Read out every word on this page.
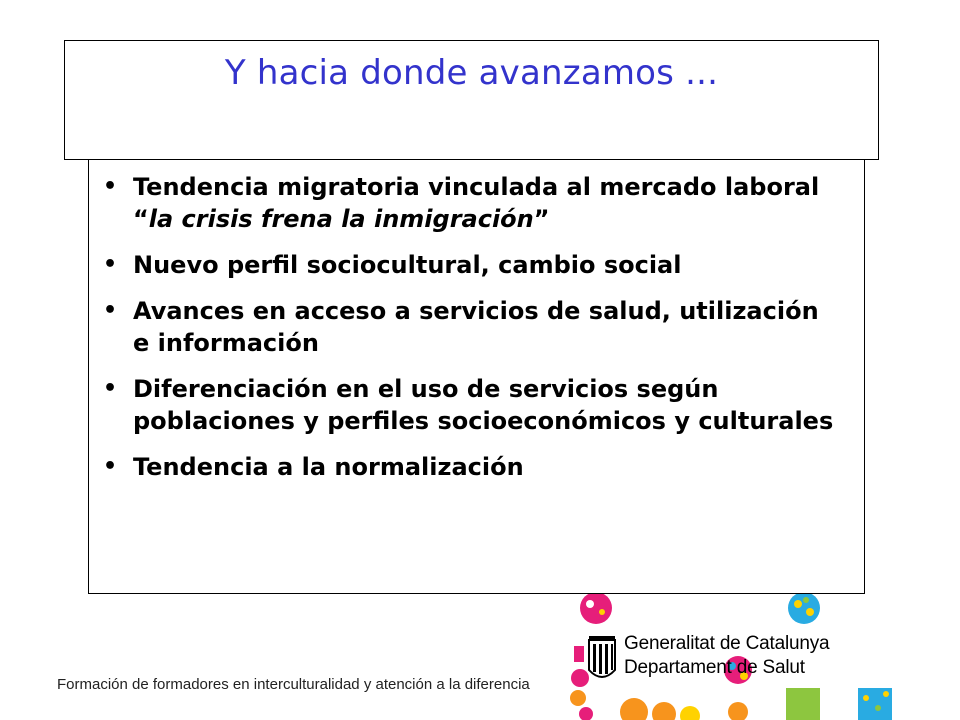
Y hacia donde avanzamos ...
• Tendencia migratoria vinculada al mercado laboral “la crisis frena la inmigración”
• Nuevo perfil sociocultural, cambio social
• Avances en acceso a servicios de salud, utilización e información
• Diferenciación en el uso de servicios según poblaciones y perfiles socioeconómicos y culturales
• Tendencia a la normalización
Formación de formadores en interculturalidad y atención a la diferencia
Generalitat de Catalunya
Departament de Salut
